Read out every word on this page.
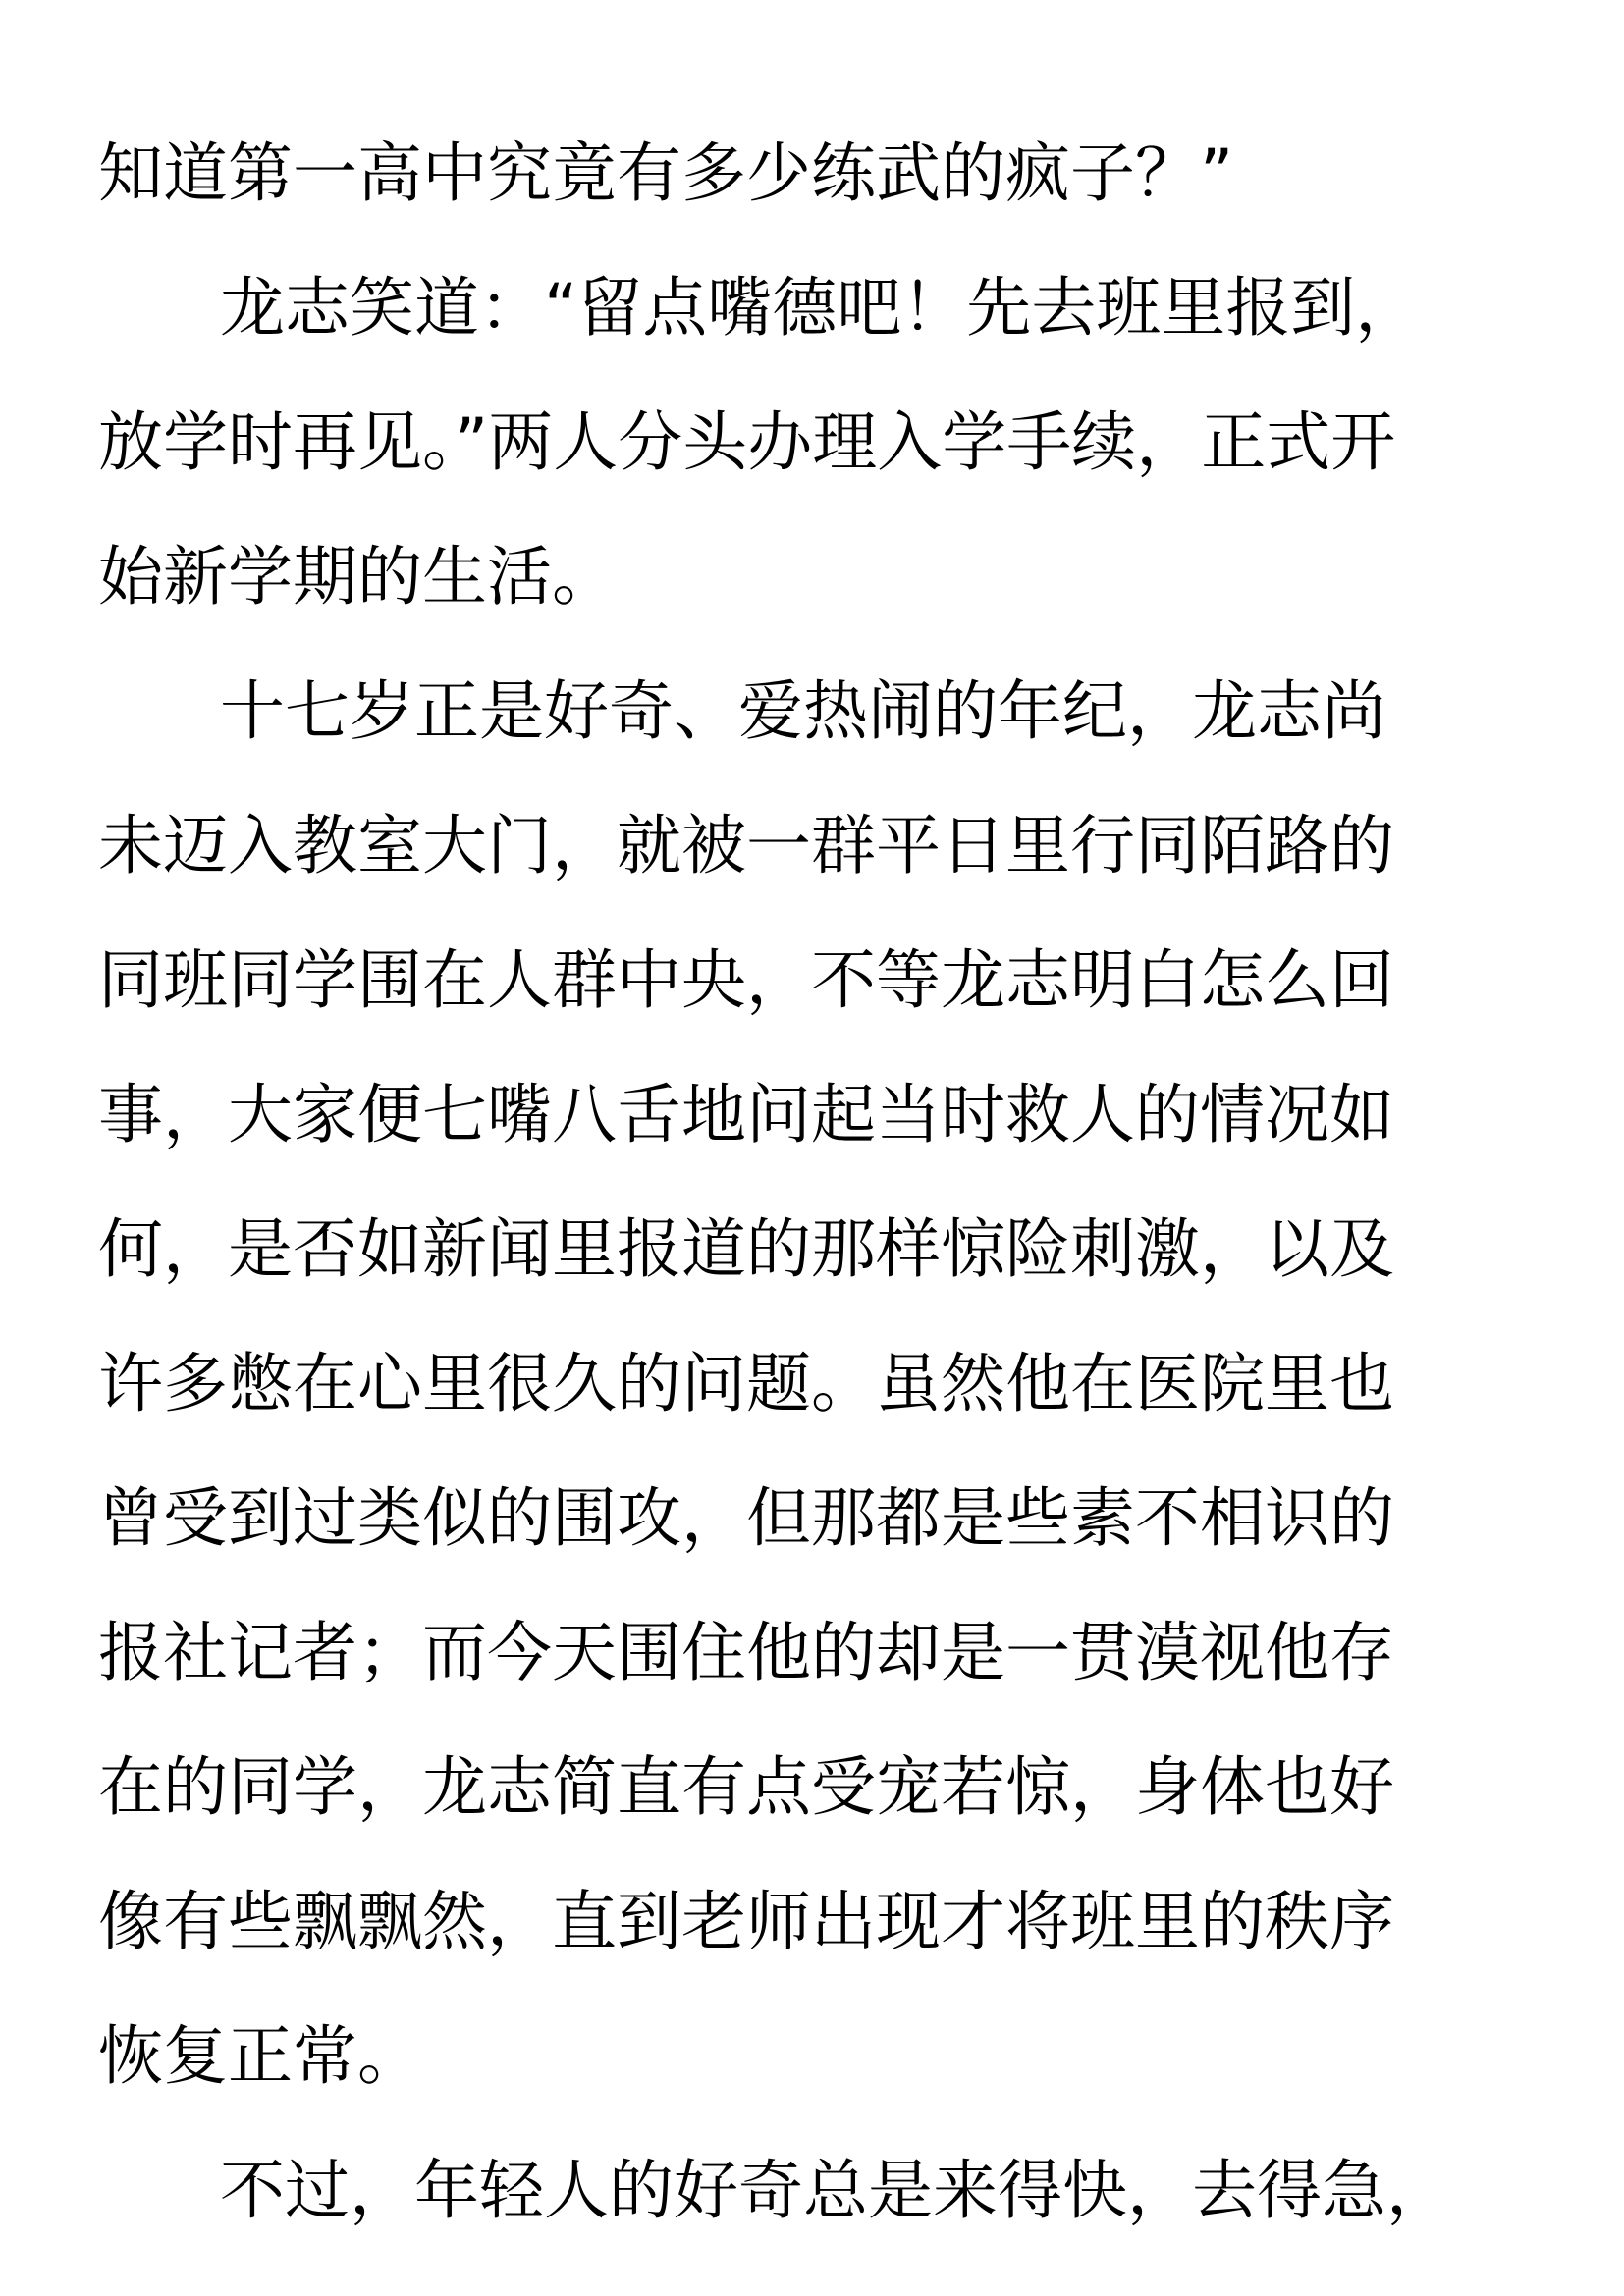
知道第一高中究竟有多少练武的疯子？”
龙志笑道：“留点嘴德吧！先去班里报到，
放学时再见。”两人分头办理入学手续，正式开
始新学期的生活。
十七岁正是好奇、爱热闹的年纪，龙志尚
未迈入教室大门，就被一群平日里行同陌路的
同班同学围在人群中央，不等龙志明白怎么回
事，大家便七嘴八舌地问起当时救人的情况如
何，是否如新闻里报道的那样惊险刺激，以及
许多憋在心里很久的问题。虽然他在医院里也
曾受到过类似的围攻，但那都是些素不相识的
报社记者；而今天围住他的却是一贯漠视他存
在的同学，龙志简直有点受宠若惊，身体也好
像有些飘飘然，直到老师出现才将班里的秩序
恢复正常。
不过，年轻人的好奇总是来得快，去得急，
